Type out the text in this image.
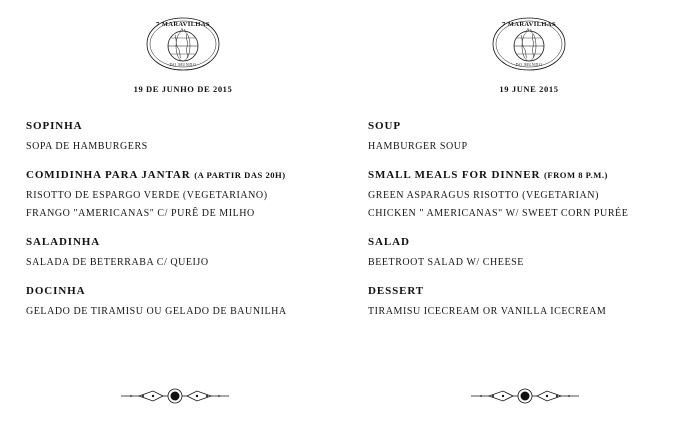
As
7 MARAVILHAS
DO MUNDO
19 DE JUNHO DE 2015
SOPINHA
SOPA DE HAMBURGERS
COMIDINHA PARA JANTAR (A PARTIR DAS 20H)
RISOTTO DE ESPARGO VERDE (VEGETARIANO)
FRANGO "AMERICANAS" C/ PURÊ DE MILHO
SALADINHA
SALADA DE BETERRABA C/ QUEIJO
DOCINHA
GELADO DE TIRAMISU OU GELADO DE BAUNILHA
As
7 MARAVILHAS
DO MUNDO
19 JUNE 2015
SOUP
HAMBURGER SOUP
SMALL MEALS FOR DINNER (FROM 8 P.M.)
GREEN ASPARAGUS RISOTTO (VEGETARIAN)
CHICKEN " AMERICANAS" W/ SWEET CORN PURÉE
SALAD
BEETROOT SALAD W/ CHEESE
DESSERT
TIRAMISU ICECREAM OR VANILLA ICECREAM
